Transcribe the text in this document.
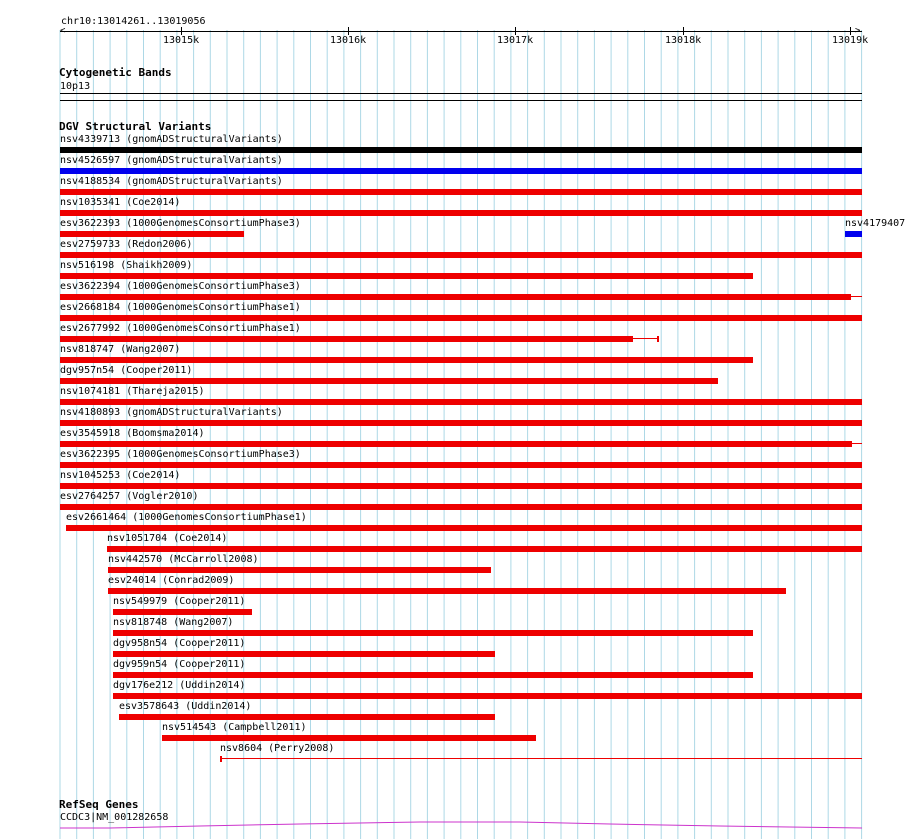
chr10:13014261..13019056
<	>
13015k	13016k	13017k	13018k	13019k
Cytogenetic Bands
10p13
DGV Structural Variants
nsv4339713 (gnomADStructuralVariants)
nsv4526597 (gnomADStructuralVariants)
nsv4188534 (gnomADStructuralVariants)
nsv1035341 (Coe2014)
esv3622393 (1000GenomesConsortiumPhase3)
esv2759733 (Redon2006)
nsv516198 (Shaikh2009)
esv3622394 (1000GenomesConsortiumPhase3)
esv2668184 (1000GenomesConsortiumPhase1)
esv2677992 (1000GenomesConsortiumPhase1)
nsv818747 (Wang2007)
dgv957n54 (Cooper2011)
nsv1074181 (Thareja2015)
nsv4180893 (gnomADStructuralVariants)
esv3545918 (Boomsma2014)
esv3622395 (1000GenomesConsortiumPhase3)
nsv1045253 (Coe2014)
esv2764257 (Vogler2010)
esv2661464 (1000GenomesConsortiumPhase1)
nsv1051704 (Coe2014)
nsv442570 (McCarroll2008)
esv24014 (Conrad2009)
nsv549979 (Cooper2011)
nsv818748 (Wang2007)
dgv958n54 (Cooper2011)
dgv959n54 (Cooper2011)
dgv176e212 (Uddin2014)
esv3578643 (Uddin2014)
nsv514543 (Campbell2011)
nsv8604 (Perry2008)
nsv4179407
RefSeq Genes
CCDC3|NM_001282658
